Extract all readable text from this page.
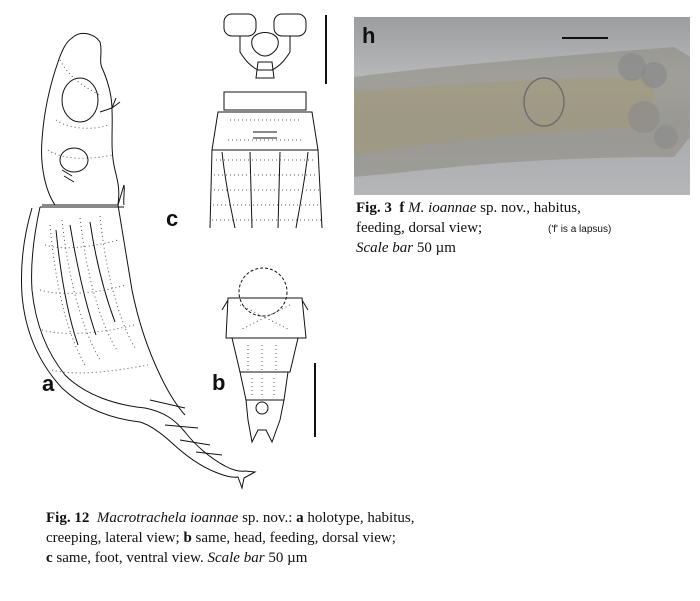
a
c
b
h
Fig. 3 f M. ioannae sp. nov., habitus,
feeding, dorsal view;
Scale bar 50 µm
('f' is a lapsus)
Fig. 12 Macrotrachela ioannae sp. nov.: a holotype, habitus,
creeping, lateral view; b same, head, feeding, dorsal view;
c same, foot, ventral view. Scale bar 50 µm
